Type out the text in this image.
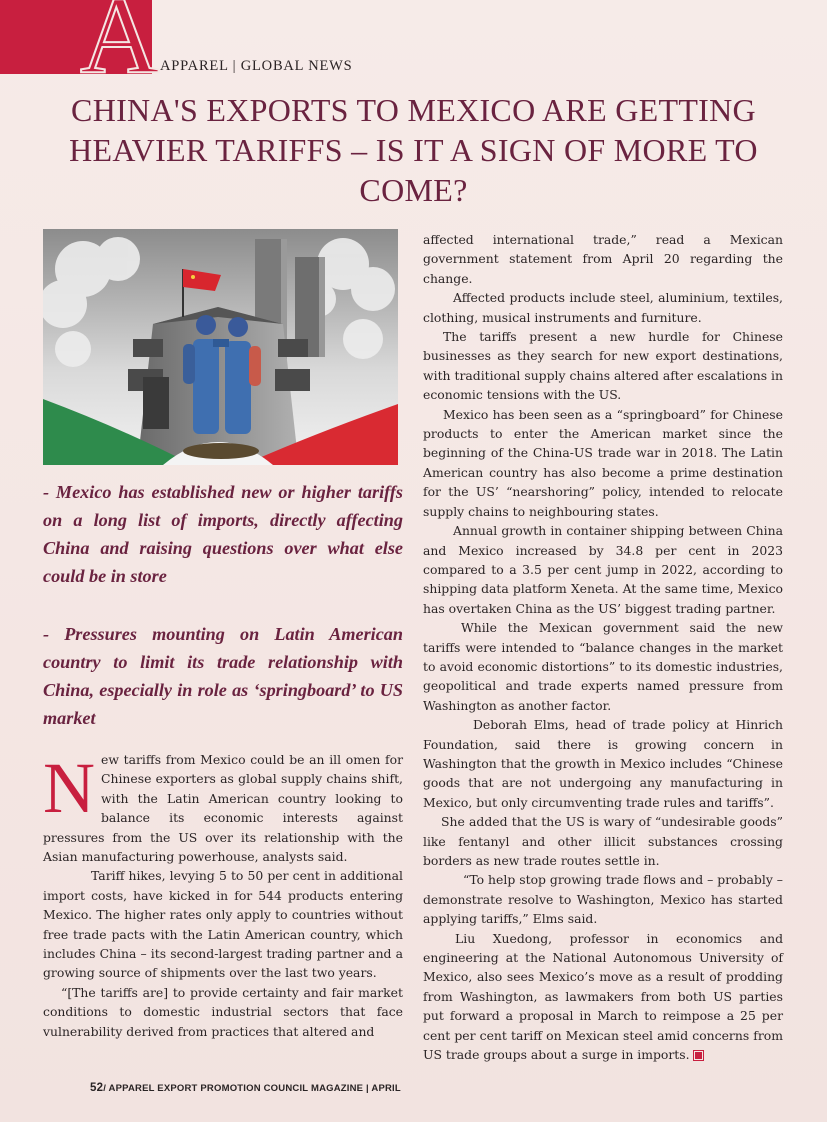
A APPAREL | GLOBAL NEWS
CHINA'S EXPORTS TO MEXICO ARE GETTING HEAVIER TARIFFS – IS IT A SIGN OF MORE TO COME?

- Mexico has established new or higher tariffs on a long list of imports, directly affecting China and raising questions over what else could be in store

- Pressures mounting on Latin American country to limit its trade relationship with China, especially in role as ‘springboard’ to US market

New tariffs from Mexico could be an ill omen for Chinese exporters as global supply chains shift, with the Latin American country looking to balance its economic interests against pressures from the US over its relationship with the Asian manufacturing powerhouse, analysts said.

Tariff hikes, levying 5 to 50 per cent in additional import costs, have kicked in for 544 products entering Mexico. The higher rates only apply to countries without free trade pacts with the Latin American country, which includes China – its second-largest trading partner and a growing source of shipments over the last two years.

“[The tariffs are] to provide certainty and fair market conditions to domestic industrial sectors that face vulnerability derived from practices that altered and

affected international trade,” read a Mexican government statement from April 20 regarding the change.

Affected products include steel, aluminium, textiles, clothing, musical instruments and furniture.

The tariffs present a new hurdle for Chinese businesses as they search for new export destinations, with traditional supply chains altered after escalations in economic tensions with the US.

Mexico has been seen as a “springboard” for Chinese products to enter the American market since the beginning of the China-US trade war in 2018. The Latin American country has also become a prime destination for the US’ “nearshoring” policy, intended to relocate supply chains to neighbouring states.

Annual growth in container shipping between China and Mexico increased by 34.8 per cent in 2023 compared to a 3.5 per cent jump in 2022, according to shipping data platform Xeneta. At the same time, Mexico has overtaken China as the US’ biggest trading partner.

While the Mexican government said the new tariffs were intended to “balance changes in the market to avoid economic distortions” to its domestic industries, geopolitical and trade experts named pressure from Washington as another factor.

Deborah Elms, head of trade policy at Hinrich Foundation, said there is growing concern in Washington that the growth in Mexico includes “Chinese goods that are not undergoing any manufacturing in Mexico, but only circumventing trade rules and tariffs”.

She added that the US is wary of “undesirable goods” like fentanyl and other illicit substances crossing borders as new trade routes settle in.

“To help stop growing trade flows and – probably – demonstrate resolve to Washington, Mexico has started applying tariffs,” Elms said.

Liu Xuedong, professor in economics and engineering at the National Autonomous University of Mexico, also sees Mexico’s move as a result of prodding from Washington, as lawmakers from both US parties put forward a proposal in March to reimpose a 25 per cent per cent tariff on Mexican steel amid concerns from US trade groups about a surge in imports.

52/ APPAREL EXPORT PROMOTION COUNCIL MAGAZINE | APRIL
